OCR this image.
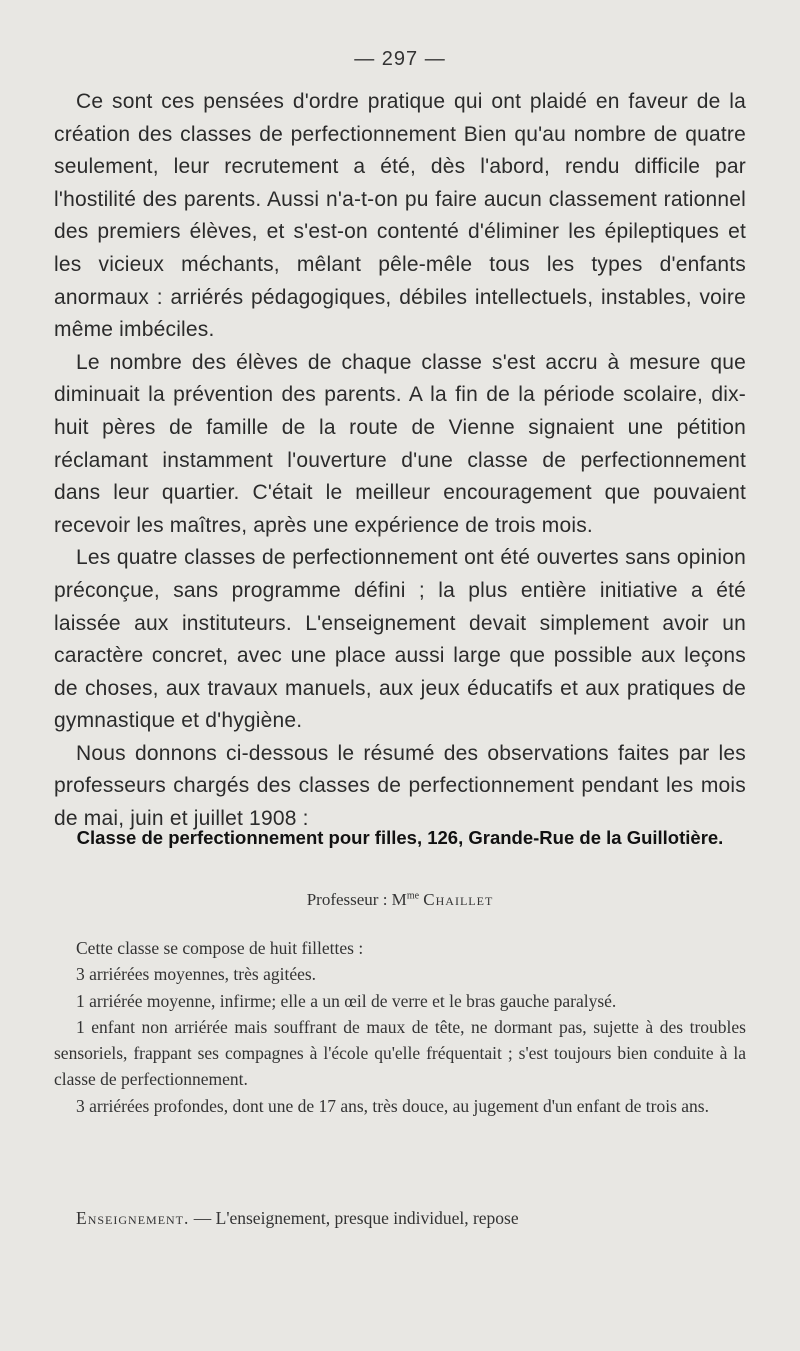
— 297 —

Ce sont ces pensées d'ordre pratique qui ont plaidé en faveur de la création des classes de perfectionnement Bien qu'au nombre de quatre seulement, leur recrutement a été, dès l'abord, rendu difficile par l'hostilité des parents. Aussi n'a-t-on pu faire aucun classement rationnel des premiers élèves, et s'est-on contenté d'éliminer les épileptiques et les vicieux méchants, mêlant pêle-mêle tous les types d'enfants anormaux : arriérés pédagogiques, débiles intellectuels, instables, voire même imbéciles.

Le nombre des élèves de chaque classe s'est accru à mesure que diminuait la prévention des parents. A la fin de la période scolaire, dix-huit pères de famille de la route de Vienne signaient une pétition réclamant instamment l'ouverture d'une classe de perfectionnement dans leur quartier. C'était le meilleur encouragement que pouvaient recevoir les maîtres, après une expérience de trois mois.

Les quatre classes de perfectionnement ont été ouvertes sans opinion préconçue, sans programme défini ; la plus entière initiative a été laissée aux instituteurs. L'enseignement devait simplement avoir un caractère concret, avec une place aussi large que possible aux leçons de choses, aux travaux manuels, aux jeux éducatifs et aux pratiques de gymnastique et d'hygiène.

Nous donnons ci-dessous le résumé des observations faites par les professeurs chargés des classes de perfectionnement pendant les mois de mai, juin et juillet 1908 :

Classe de perfectionnement pour filles, 126, Grande-Rue de la Guillotière.

Professeur : $M^{me}$ Chaillet

Cette classe se compose de huit fillettes :

3 arriérées moyennes, très agitées.

1 arriérée moyenne, infirme; elle a un œil de verre et le bras gauche paralysé.

1 enfant non arriérée mais souffrant de maux de tête, ne dormant pas, sujette à des troubles sensoriels, frappant ses compagnes à l'école qu'elle fréquentait ; s'est toujours bien conduite à la classe de perfectionnement.

3 arriérées profondes, dont une de 17 ans, très douce, au jugement d'un enfant de trois ans.

Enseignement. — L'enseignement, presque individuel, repose
